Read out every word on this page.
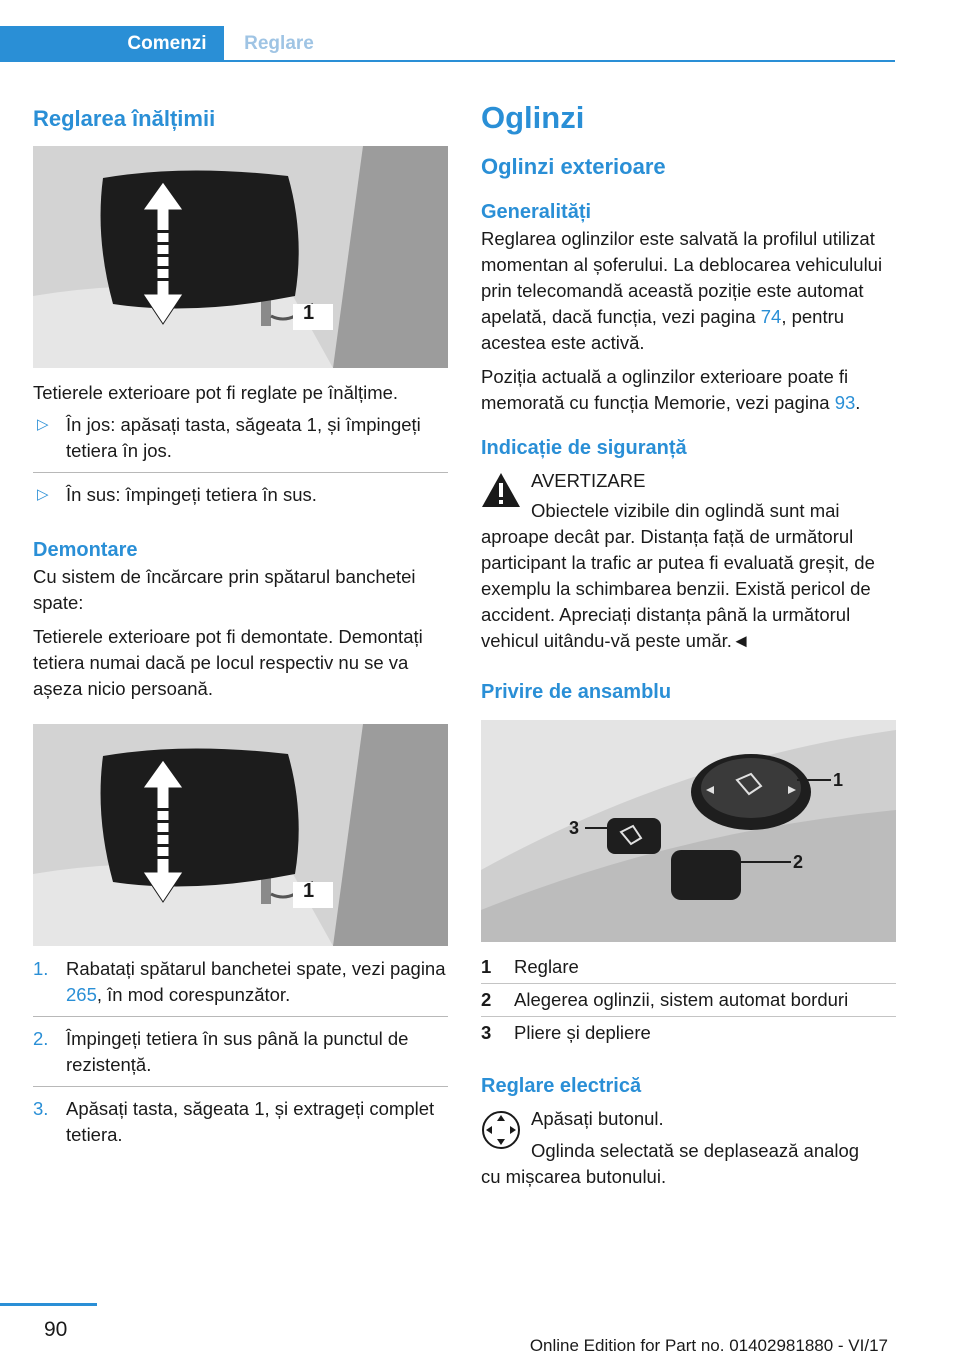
Comenzi	Reglare
Reglarea înălțimii
1

Tetierele exterioare pot fi reglate pe înălțime.

▷ În jos: apăsați tasta, săgeata 1, și împingeți tetiera în jos.
▷ În sus: împingeți tetiera în sus.
Demontare

Cu sistem de încărcare prin spătarul banchetei spate:

Tetierele exterioare pot fi demontate. Demontați tetiera numai dacă pe locul respectiv nu se va așeza nicio persoană.

1
1. Rabatați spătarul banchetei spate, vezi pagina 265, în mod corespunzător.
2. Împingeți tetiera în sus până la punctul de rezistență.
3. Apăsați tasta, săgeata 1, și extrageți complet tetiera.
Oglinzi
Oglinzi exterioare
Generalități

Reglarea oglinzilor este salvată la profilul utilizat momentan al șoferului. La deblocarea vehiculului prin telecomandă această poziție este automat apelată, dacă funcția, vezi pagina 74, pentru acestea este activă.

Poziția actuală a oglinzilor exterioare poate fi memorată cu funcția Memorie, vezi pagina 93.

Indicație de siguranță
AVERTIZARE
Obiectele vizibile din oglindă sunt mai

aproape decât par. Distanța față de următorul participant la trafic ar putea fi evaluată greșit, de exemplu la schimbarea benzii. Există pericol de accident. Apreciați distanța până la următorul vehicul uitându-vă peste umăr.◄

Privire de ansamblu
1
2
3
1 Reglare
2 Alegerea oglinzii, sistem automat borduri
3 Pliere și depliere
Reglare electrică
Apăsați butonul.
Oglinda selectată se deplasează analog

cu mișcarea butonului.

90
Online Edition for Part no. 01402981880 - VI/17
